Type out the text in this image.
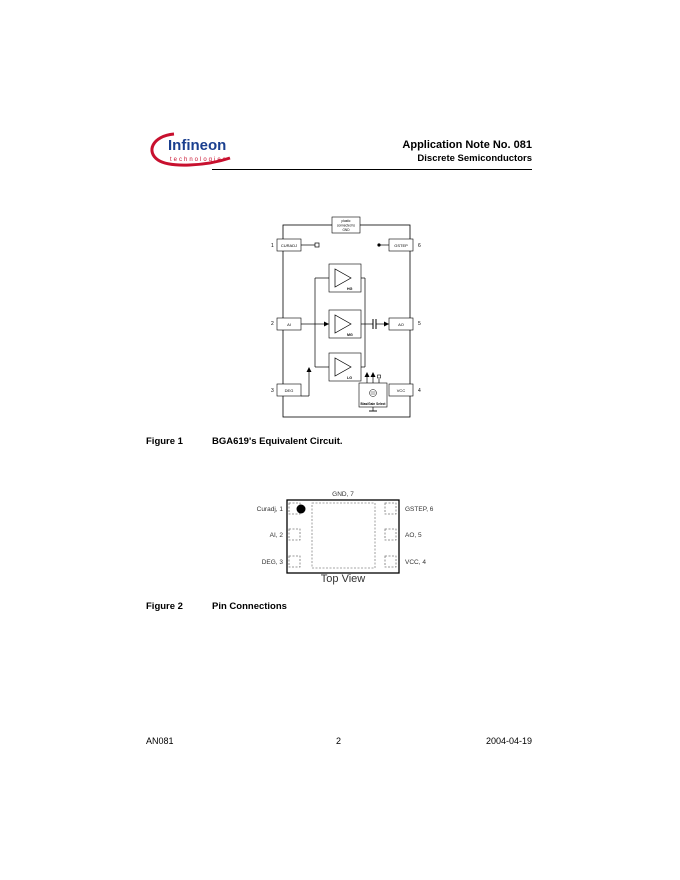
Infineon
technologies
Application Note No. 081
Discrete Semiconductors
plastic
connected to
GND
CURADJ
1
AI
2
DEG
3
GSTEP 6
AO	5
VCC	4
HG
MG
LG
Bias/Gain Select
Figure 1	BGA619's Equivalent Circuit.
GND, 7
Curadj, 1
AI, 2
DEG, 3
GSTEP, 6
AO, 5
VCC, 4
Top View
Figure 2	Pin Connections
AN081	2	2004-04-19
